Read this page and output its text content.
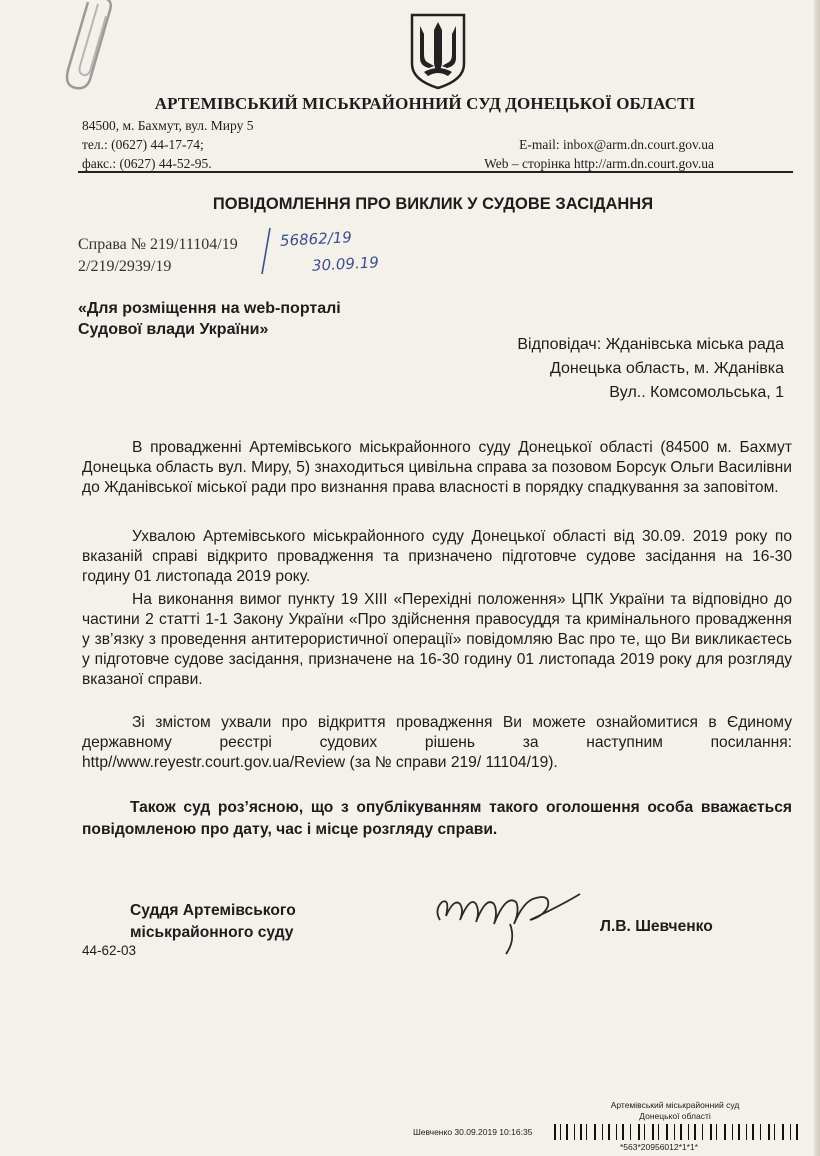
АРТЕМІВСЬКИЙ МІСЬКРАЙОННИЙ СУД ДОНЕЦЬКОЇ ОБЛАСТІ
84500, м. Бахмут, вул. Миру 5
тел.: (0627) 44-17-74;
факс.: (0627) 44-52-95.
E-mail: inbox@arm.dn.court.gov.ua
Web – сторінка http://arm.dn.court.gov.ua
ПОВІДОМЛЕННЯ ПРО ВИКЛИК У СУДОВЕ ЗАСІДАННЯ
Справа № 219/11104/19
2/219/2939/19
56862/19
30.09.19
«Для розміщення на web-порталі
Судової влади України»
Відповідач: Жданівська міська рада
Донецька область, м. Жданівка
Вул.. Комсомольська, 1

В провадженні Артемівського міськрайонного суду Донецької області (84500 м. Бахмут Донецька область вул. Миру, 5) знаходиться цивільна справа за позовом Борсук Ольги Василівни до Жданівської міської ради про визнання права власності в порядку спадкування за заповітом.

Ухвалою Артемівського міськрайонного суду Донецької області від 30.09. 2019 року по вказаній справі відкрито провадження та призначено підготовче судове засідання на 16-30 годину 01 листопада 2019 року.

На виконання вимог пункту 19 ХІІІ «Перехідні положення» ЦПК України та відповідно до частини 2 статті 1-1 Закону України «Про здійснення правосуддя та кримінального провадження у зв’язку з проведення антитерористичної операції» повідомляю Вас про те, що Ви викликаєтесь у підготовче судове засідання, призначене на 16-30 годину 01 листопада 2019 року для розгляду вказаної справи.

Зі змістом ухвали про відкриття провадження Ви можете ознайомитися в Єдиному державному реєстрі судових рішень за наступним посилання: http//www.reyestr.court.gov.ua/Review (за № справи 219/ 11104/19).

Також суд роз’ясною, що з опублікуванням такого оголошення особа вважається повідомленою про дату, час і місце розгляду справи.
Суддя Артемівського
міськрайонного суду	Л.В. Шевченко
44-62-03
Артемівський міськрайонний суд
Донецької області
Шевченко 30.09.2019 10:16:35
*563*20956012*1*1*
